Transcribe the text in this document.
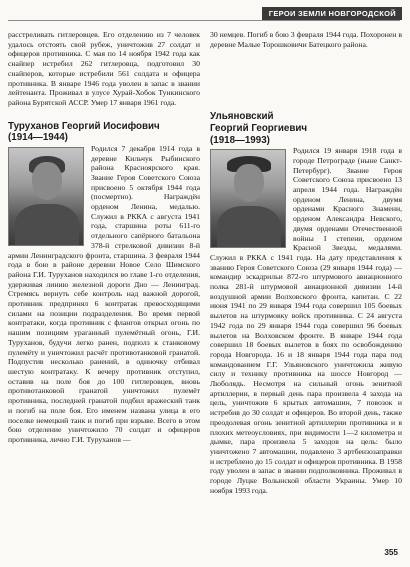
ГЕРОИ ЗЕМЛИ НОВГОРОДСКОЙ

расстреливать гитлеровцев. Его отделению из 7 человек удалось отстоять свой рубеж, уничтожив 27 солдат и офицеров противника. С мая по 14 ноября 1942 года как снайпер истребил 262 гитлеровца, подготовил 30 снайперов, которые истребили 561 солдата и офицера противника. В январе 1946 года уволен в запас в звании лейтенанта. Проживал в улусе Хурай-Хобок Тункинского района Бурятской АССР. Умер 17 января 1961 года.

Туруханов Георгий Иосифович
(1914—1944)

Родился 7 декабря 1914 года в деревне Кильчук Рыбинского района Красноярского края. Звание Героя Советского Союза присвоено 5 октября 1944 года (посмертно). Награждён орденом Ленина, медалью. Служил в РККА с августа 1941 года, старшина роты 611-го отдельного сапёрного батальона 378-й стрелковой дивизии 8-й армии Ленинградского фронта, старшина. 3 февраля 1944 года в бою в районе деревни Новое Село Шимского района Г.И. Туруханов находился во главе 1-го отделения, удерживая линию железной дороги Дно — Ленинград. Стремясь вернуть себе контроль над важной дорогой, противник предпринял 6 контратак превосходящими силами на позиции подразделения. Во время первой контратаки, когда противник с флангов открыл огонь по нашим позициям ураганный пулемётный огонь, Г.И. Туруханов, будучи легко ранен, подполз к станковому пулемёту и уничтожил расчёт противотанковой гранатой. Подпустив несколько ранений, в одиночку отбивал шестую контратаку. К вечеру противник отступил, оставив на поле боя до 100 гитлеровцев, вновь противотанковой гранатой уничтожил пулемёт противника, последней гранатой подбил вражеский танк и погиб на поле боя. Его именем названа улица в его поселке немецкий танк и погиб при взрыве. Всего в этом бою отделение уничтожило 70 солдат и офицеров противника, лично Г.И. Туруханов —

30 немцев. Погиб в бою 3 февраля 1944 года. Похоронен в деревне Малые Торошковичи Батецкого района.

Ульяновский
Георгий Георгиевич
(1918—1993)

Родился 19 января 1918 года в городе Петроградe (ныне Санкт-Петербург). Звание Героя Советского Союза присвоено 13 апреля 1944 года. Награждён орденом Ленина, двумя орденами Красного Знамени, орденом Александра Невского, двумя орденами Отечественной войны I степени, орденом Красной Звезды, медалями. Служил в РККА с 1941 года. На дату представления к званию Героя Советского Союза (29 января 1944 года) — командир эскадрильи 872-го штурмового авиационного полка 281-й штурмовой авиационной дивизии 14-й воздушной армии Волховского фронта, капитан. С 22 июня 1941 по 29 января 1944 года совершил 105 боевых вылетов на штурмовку войск противника. С 24 августа 1942 года по 29 января 1944 года совершил 96 боевых вылетов на Волховском фронте. В январе 1944 года совершил 18 боевых вылетов в боях по освобождению города Новгорода. 16 и 18 января 1944 года пара под командованием Г.Г. Ульяновского уничтожила живую силу и технику противника на шоссе Новгород — Люболядь. Несмотря на сильный огонь зенитной артиллерии, в первый день пара произвела 4 захода на цель, уничтожив 6 крытых автомашин, 7 повозок и истребив до 30 солдат и офицеров. Во второй день, также преодолевая огонь зенитной артиллерии противника и в плохих метеоусловиях, при видимости 1—2 километра и дымке, пара произвела 5 заходов на цель: было уничтожено 7 автомашин, подавлено 3 артбензозаправки и истреблено до 15 солдат и офицеров противника. В 1958 году уволен в запас в звании подполковника. Проживал в городе Луцке Волынской области Украины. Умер 10 ноября 1993 года.

355
